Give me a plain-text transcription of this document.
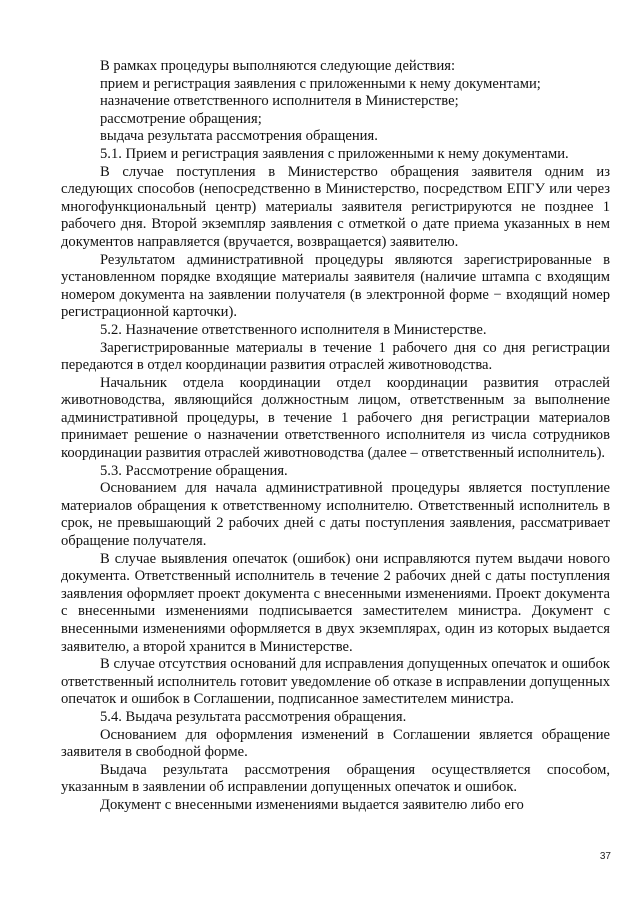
В рамках процедуры выполняются следующие действия:

прием и регистрация заявления с приложенными к нему документами;

назначение ответственного исполнителя в Министерстве;

рассмотрение обращения;

выдача результата рассмотрения обращения.

5.1. Прием и регистрация заявления с приложенными к нему документами.

В случае поступления в Министерство обращения заявителя одним из следующих способов (непосредственно в Министерство, посредством ЕПГУ или через многофункциональный центр) материалы заявителя регистрируются не позднее 1 рабочего дня. Второй экземпляр заявления с отметкой о дате приема указанных в нем документов направляется (вручается, возвращается) заявителю.

Результатом административной процедуры являются зарегистрированные в установленном порядке входящие материалы заявителя (наличие штампа с входящим номером документа на заявлении получателя (в электронной форме − входящий номер регистрационной карточки).

5.2. Назначение ответственного исполнителя в Министерстве.

Зарегистрированные материалы в течение 1 рабочего дня со дня регистрации передаются в отдел координации развития отраслей животноводства.

Начальник отдела координации отдел координации развития отраслей животноводства, являющийся должностным лицом, ответственным за выполнение административной процедуры, в течение 1 рабочего дня регистрации материалов принимает решение о назначении ответственного исполнителя из числа сотрудников координации развития отраслей животноводства (далее – ответственный исполнитель).

5.3. Рассмотрение обращения.

Основанием для начала административной процедуры является поступление материалов обращения к ответственному исполнителю. Ответственный исполнитель в срок, не превышающий 2 рабочих дней с даты поступления заявления, рассматривает обращение получателя.

В случае выявления опечаток (ошибок) они исправляются путем выдачи нового документа. Ответственный исполнитель в течение 2 рабочих дней с даты поступления заявления оформляет проект документа с внесенными изменениями. Проект документа с внесенными изменениями подписывается заместителем министра. Документ с внесенными изменениями оформляется в двух экземплярах, один из которых выдается заявителю, а второй хранится в Министерстве.

В случае отсутствия оснований для исправления допущенных опечаток и ошибок ответственный исполнитель готовит уведомление об отказе в исправлении допущенных опечаток и ошибок в Соглашении, подписанное заместителем министра.

5.4. Выдача результата рассмотрения обращения.

Основанием для оформления изменений в Соглашении является обращение заявителя в свободной форме.

Выдача результата рассмотрения обращения осуществляется способом, указанным в заявлении об исправлении допущенных опечаток и ошибок.

Документ с внесенными изменениями выдается заявителю либо его

37
